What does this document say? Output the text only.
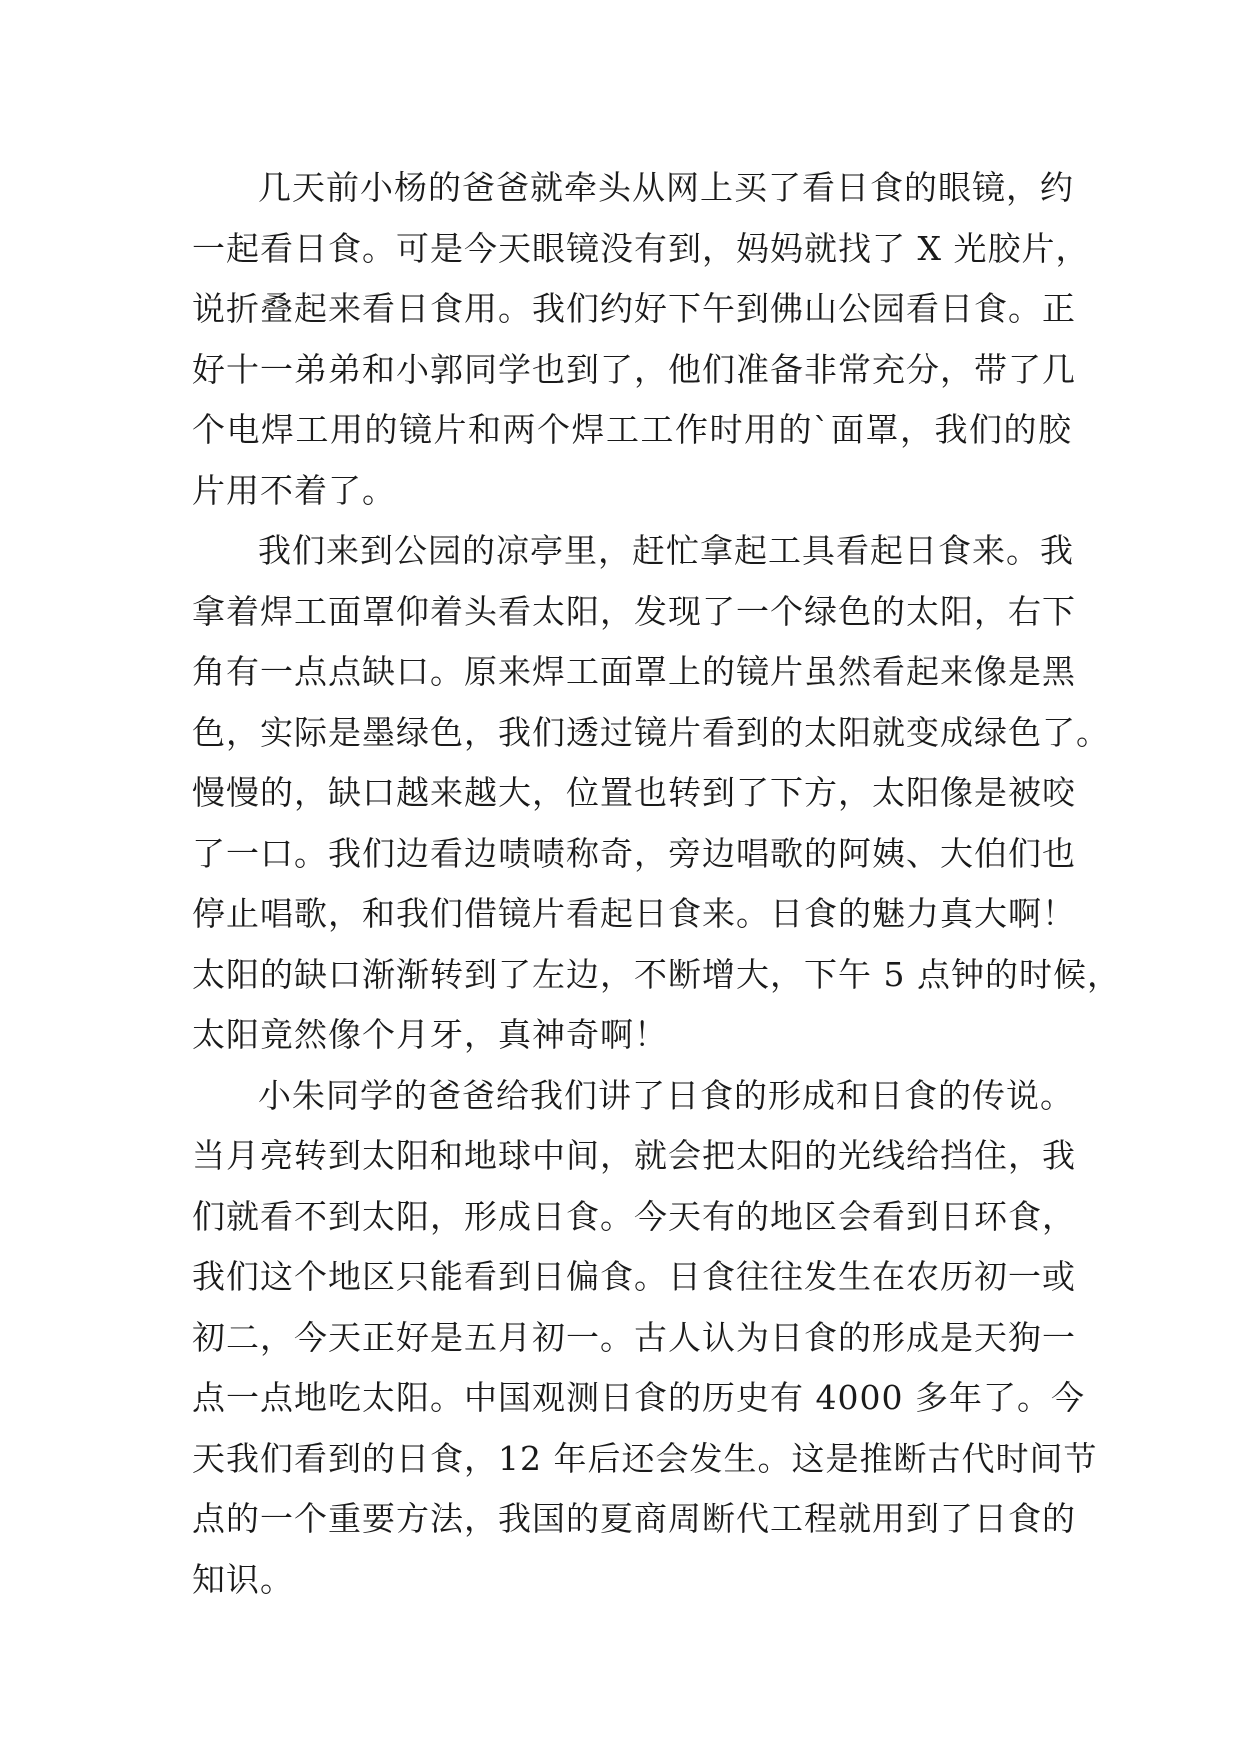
几天前小杨的爸爸就牵头从网上买了看日食的眼镜，约
一起看日食。可是今天眼镜没有到，妈妈就找了 X 光胶片，
说折叠起来看日食用。我们约好下午到佛山公园看日食。正
好十一弟弟和小郭同学也到了，他们准备非常充分，带了几
个电焊工用的镜片和两个焊工工作时用的`面罩，我们的胶
片用不着了。
我们来到公园的凉亭里，赶忙拿起工具看起日食来。我
拿着焊工面罩仰着头看太阳，发现了一个绿色的太阳，右下
角有一点点缺口。原来焊工面罩上的镜片虽然看起来像是黑
色，实际是墨绿色，我们透过镜片看到的太阳就变成绿色了。
慢慢的，缺口越来越大，位置也转到了下方，太阳像是被咬
了一口。我们边看边啧啧称奇，旁边唱歌的阿姨、大伯们也
停止唱歌，和我们借镜片看起日食来。日食的魅力真大啊！
太阳的缺口渐渐转到了左边，不断增大，下午 5 点钟的时候，
太阳竟然像个月牙，真神奇啊！
小朱同学的爸爸给我们讲了日食的形成和日食的传说。
当月亮转到太阳和地球中间，就会把太阳的光线给挡住，我
们就看不到太阳，形成日食。今天有的地区会看到日环食，
我们这个地区只能看到日偏食。日食往往发生在农历初一或
初二，今天正好是五月初一。古人认为日食的形成是天狗一
点一点地吃太阳。中国观测日食的历史有 4000 多年了。今
天我们看到的日食，12 年后还会发生。这是推断古代时间节
点的一个重要方法，我国的夏商周断代工程就用到了日食的
知识。
